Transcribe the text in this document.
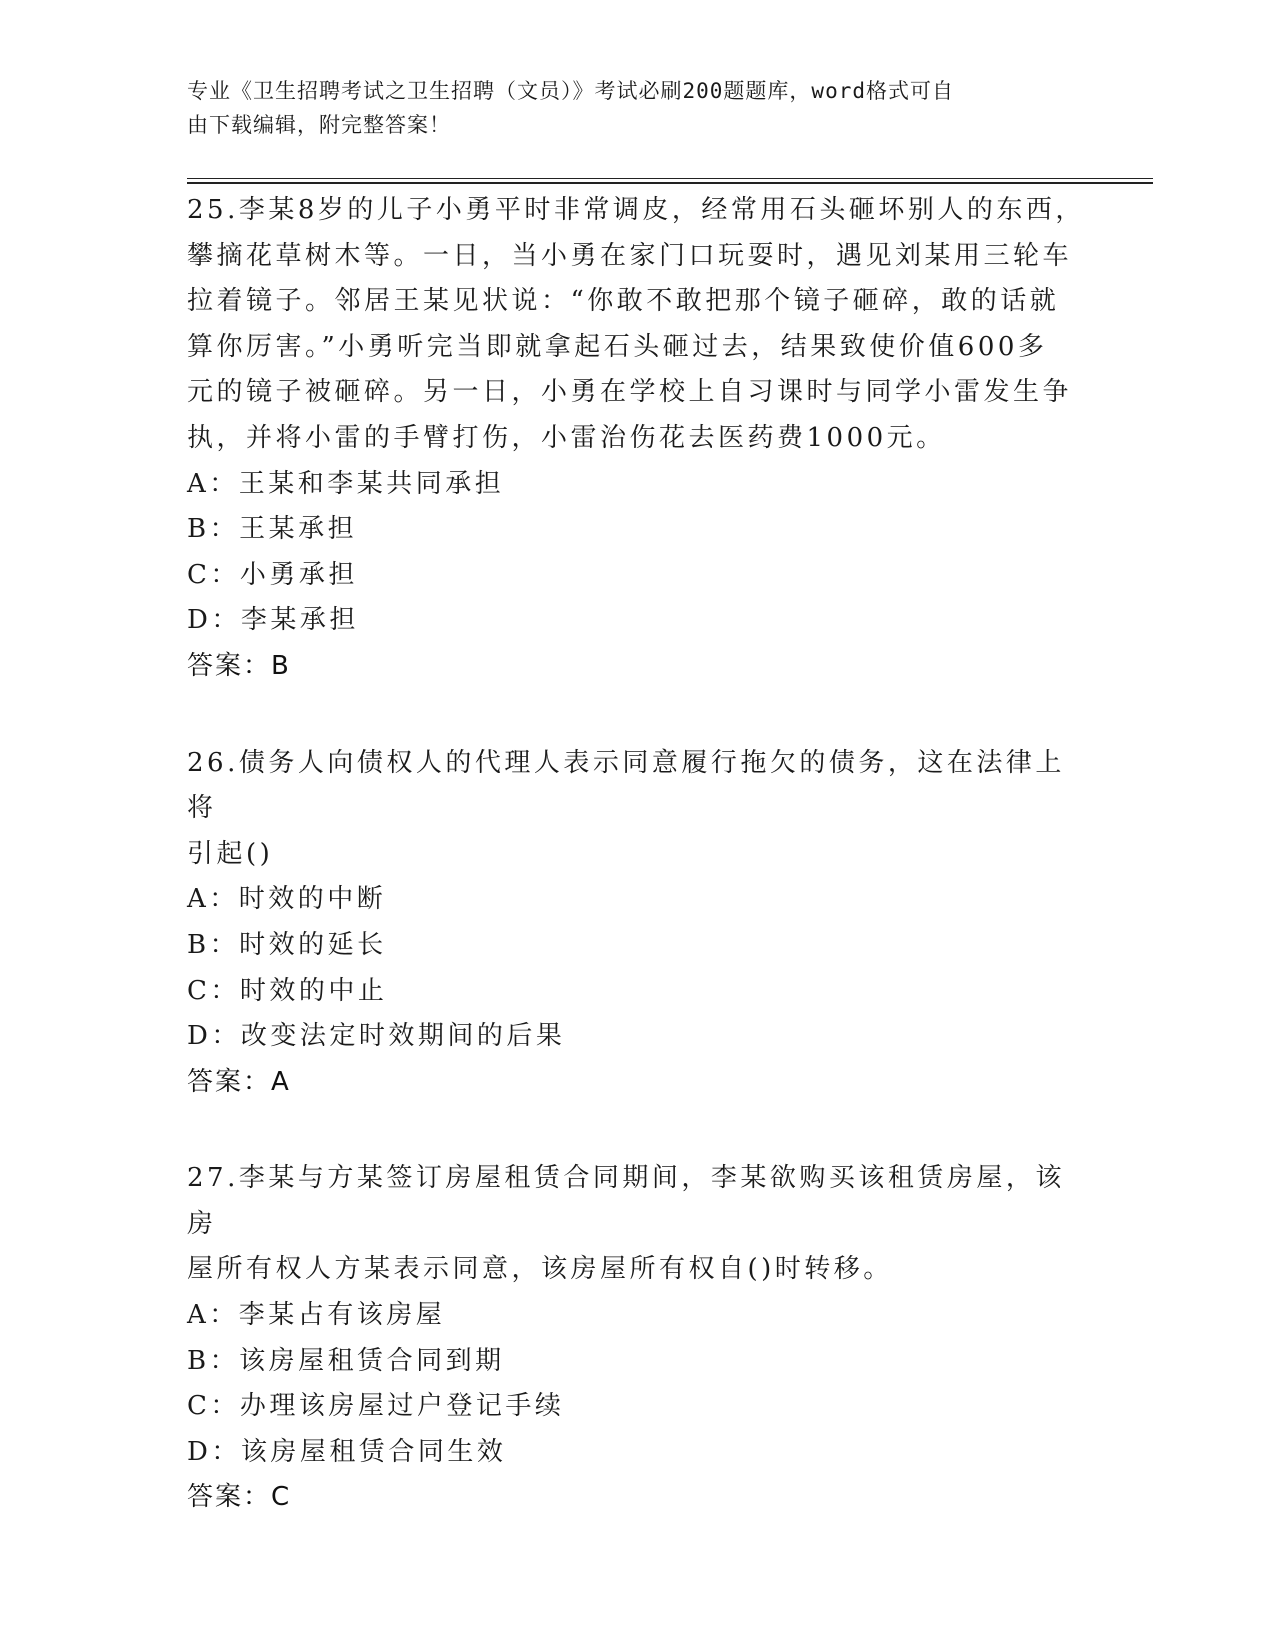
专业《卫生招聘考试之卫生招聘（文员）》考试必刷200题题库，word格式可自
由下载编辑，附完整答案！

25.李某8岁的儿子小勇平时非常调皮，经常用石头砸坏别人的东西，

攀摘花草树木等。一日，当小勇在家门口玩耍时，遇见刘某用三轮车

拉着镜子。邻居王某见状说：“你敢不敢把那个镜子砸碎，敢的话就

算你厉害。”小勇听完当即就拿起石头砸过去，结果致使价值600多

元的镜子被砸碎。另一日，小勇在学校上自习课时与同学小雷发生争

执，并将小雷的手臂打伤，小雷治伤花去医药费1000元。

A：王某和李某共同承担

B：王某承担

C：小勇承担

D：李某承担

答案：B

26.债务人向债权人的代理人表示同意履行拖欠的债务，这在法律上将

引起()

A：时效的中断

B：时效的延长

C：时效的中止

D：改变法定时效期间的后果

答案：A

27.李某与方某签订房屋租赁合同期间，李某欲购买该租赁房屋，该房

屋所有权人方某表示同意，该房屋所有权自()时转移。

A：李某占有该房屋

B：该房屋租赁合同到期

C：办理该房屋过户登记手续

D：该房屋租赁合同生效

答案：C
